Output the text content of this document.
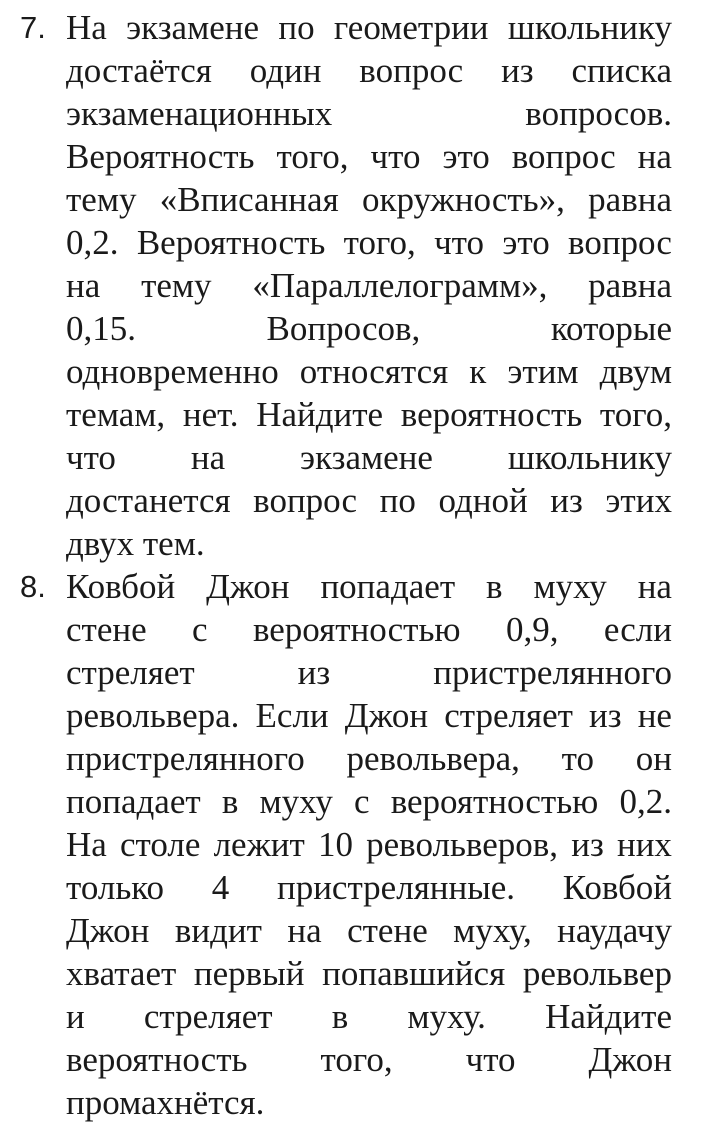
7. На экзамене по геометрии школьнику
достаётся один вопрос из списка
экзаменационных	вопросов.
Вероятность того, что это вопрос на
тему «Вписанная окружность», равна
0,2. Вероятность того, что это вопрос
на тему «Параллелограмм», равна
0,15.	Вопросов,	которые
одновременно относятся к этим двум
темам, нет. Найдите вероятность того,
что на экзамене школьнику
достанется вопрос по одной из этих
двух тем.
8. Ковбой Джон попадает в муху на
стене с вероятностью 0,9, если
стреляет	из	пристрелянного
револьвера. Если Джон стреляет из не
пристрелянного револьвера, то он
попадает в муху с вероятностью 0,2.
На столе лежит 10 револьверов, из них
только 4 пристрелянные. Ковбой
Джон видит на стене муху, наудачу
хватает первый попавшийся револьвер
и стреляет в муху. Найдите
вероятность того, что Джон
промахнётся.
